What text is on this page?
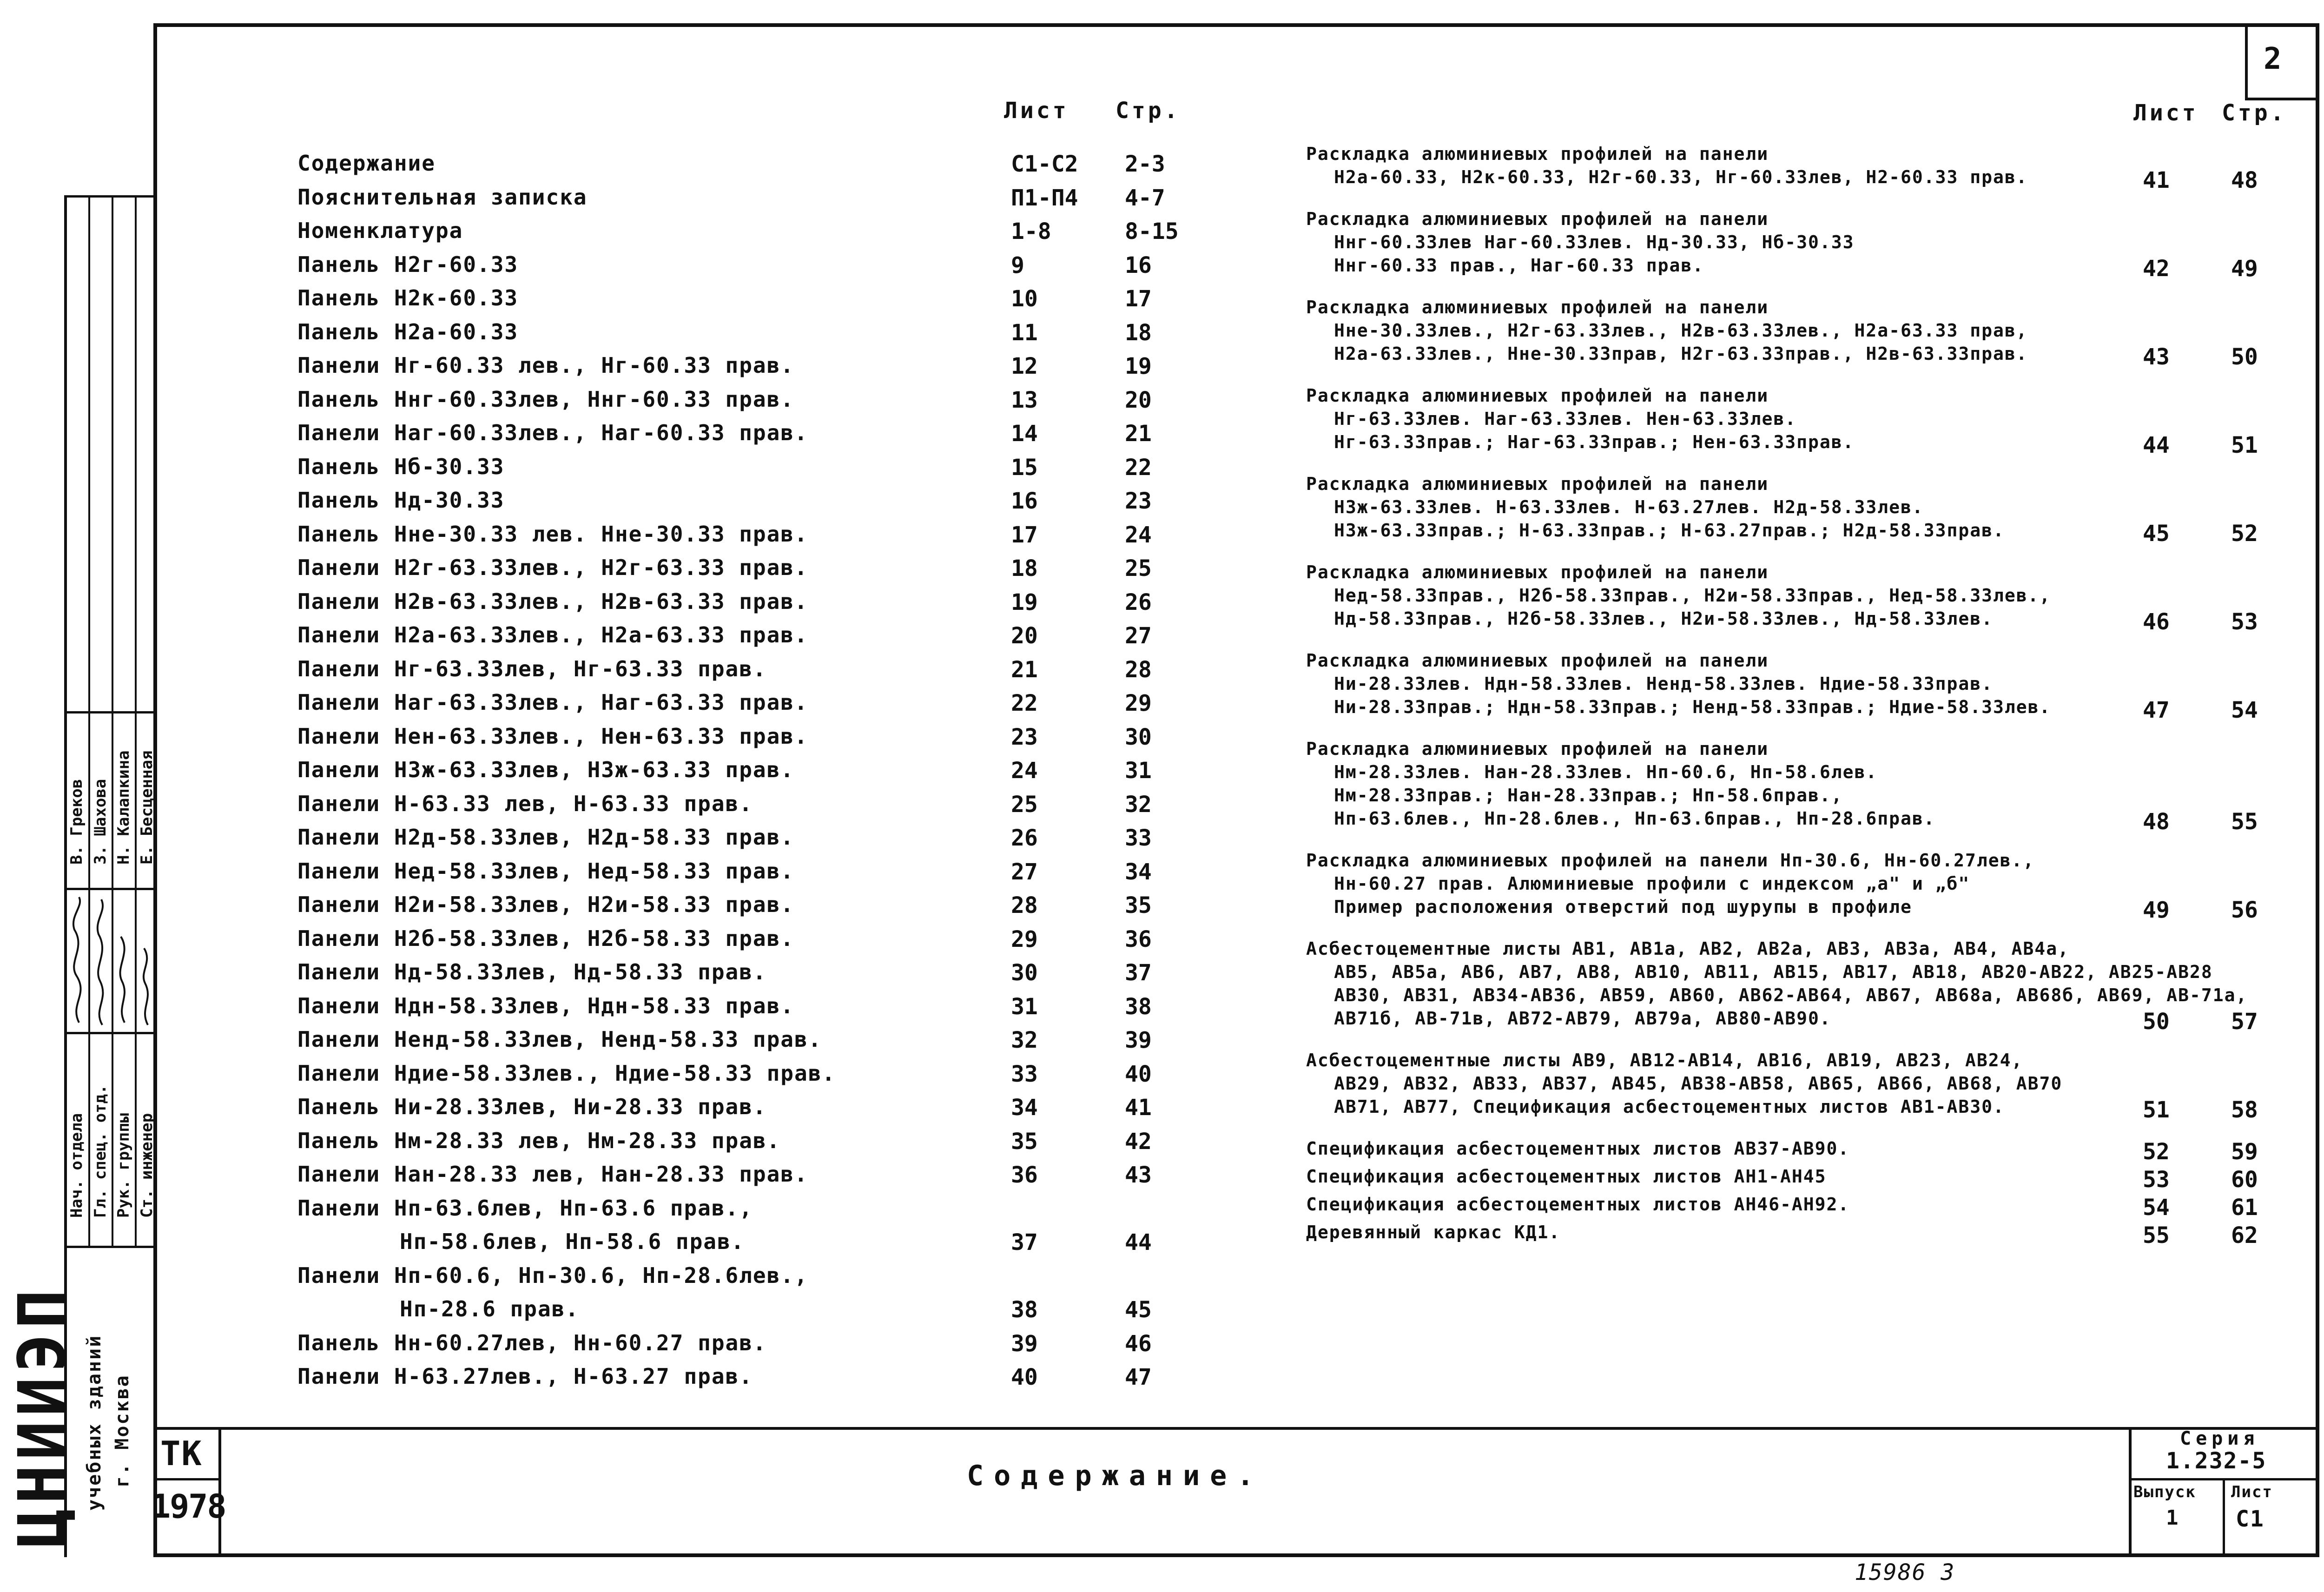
2
Лист Стр.	Лист Стр.
Содержание	С1-С2 2-3
Пояснительная записка	П1-П4 4-7
Номенклатура	1-8	8-15
Панель Н2г-60.33	9	16
Панель Н2к-60.33	10	17
Панель Н2а-60.33	11	18
Панели Нг-60.33 лев., Нг-60.33 прав.	12	19
Панель Ннг-60.33лев, Ннг-60.33 прав.	13	20
Панели Наг-60.33лев., Наг-60.33 прав.	14	21
Панель Нб-30.33	15	22
Панель Нд-30.33	16	23
Панель Нне-30.33 лев. Нне-30.33 прав.	17	24
Панели Н2г-63.33лев., Н2г-63.33 прав.	18	25
Панели Н2в-63.33лев., Н2в-63.33 прав.	19	26
Панели Н2а-63.33лев., Н2а-63.33 прав.	20	27
Панели Нг-63.33лев, Нг-63.33 прав.	21	28
Панели Наг-63.33лев., Наг-63.33 прав.	22	29
Панели Нен-63.33лев., Нен-63.33 прав.	23	30
Панели Н3ж-63.33лев, Н3ж-63.33 прав.	24	31
Панели Н-63.33 лев, Н-63.33 прав.	25	32
Панели Н2д-58.33лев, Н2д-58.33 прав.	26	33
Панели Нед-58.33лев, Нед-58.33 прав.	27	34
Панели Н2и-58.33лев, Н2и-58.33 прав.	28	35
Панели Н2б-58.33лев, Н2б-58.33 прав.	29	36
Панели Нд-58.33лев, Нд-58.33 прав.	30	37
Панели Ндн-58.33лев, Ндн-58.33 прав.	31	38
Панели Ненд-58.33лев, Ненд-58.33 прав.	32	39
Панели Ндие-58.33лев., Ндие-58.33 прав.	33	40
Панель Ни-28.33лев, Ни-28.33 прав.	34	41
Панель Нм-28.33 лев, Нм-28.33 прав.	35	42
Панели Нан-28.33 лев, Нан-28.33 прав.	36	43
Панели Нп-63.6лев, Нп-63.6 прав.,
Нп-58.6лев, Нп-58.6 прав.	37	44
Панели Нп-60.6, Нп-30.6, Нп-28.6лев.,
Нп-28.6 прав.	38	45
Панель Нн-60.27лев, Нн-60.27 прав.	39	46
Панели Н-63.27лев., Н-63.27 прав.	40	47
Раскладка алюминиевых профилей на панели
Н2а-60.33, Н2к-60.33, Н2г-60.33, Нг-60.33лев, Н2-60.33 прав.	41	48
Раскладка алюминиевых профилей на панели
Ннг-60.33лев Наг-60.33лев. Нд-30.33, Нб-30.33
Ннг-60.33 прав., Наг-60.33 прав.	42	49
Раскладка алюминиевых профилей на панели
Нне-30.33лев., Н2г-63.33лев., Н2в-63.33лев., Н2а-63.33 прав,
Н2а-63.33лев., Нне-30.33прав, Н2г-63.33прав., Н2в-63.33прав.	43	50
Раскладка алюминиевых профилей на панели
Нг-63.33лев. Наг-63.33лев. Нен-63.33лев.
Нг-63.33прав.; Наг-63.33прав.; Нен-63.33прав.	44	51
Раскладка алюминиевых профилей на панели
Н3ж-63.33лев. Н-63.33лев. Н-63.27лев. Н2д-58.33лев.
Н3ж-63.33прав.; Н-63.33прав.; Н-63.27прав.; Н2д-58.33прав.	45	52
Раскладка алюминиевых профилей на панели
Нед-58.33прав., Н2б-58.33прав., Н2и-58.33прав., Нед-58.33лев.,
Нд-58.33прав., Н2б-58.33лев., Н2и-58.33лев., Нд-58.33лев.	46	53
Раскладка алюминиевых профилей на панели
Ни-28.33лев. Ндн-58.33лев. Ненд-58.33лев. Ндие-58.33прав.
Ни-28.33прав.; Ндн-58.33прав.; Ненд-58.33прав.; Ндие-58.33лев.	47	54
Раскладка алюминиевых профилей на панели
Нм-28.33лев. Нан-28.33лев. Нп-60.6, Нп-58.6лев.
Нм-28.33прав.; Нан-28.33прав.; Нп-58.6прав.,
Нп-63.6лев., Нп-28.6лев., Нп-63.6прав., Нп-28.6прав.	48	55
Раскладка алюминиевых профилей на панели Нп-30.6, Нн-60.27лев.,
Нн-60.27 прав. Алюминиевые профили с индексом „а" и „б"
Пример расположения отверстий под шурупы в профиле	49	56
Асбестоцементные листы АВ1, АВ1а, АВ2, АВ2а, АВ3, АВ3а, АВ4, АВ4а,
АВ5, АВ5а, АВ6, АВ7, АВ8, АВ10, АВ11, АВ15, АВ17, АВ18, АВ20-АВ22, АВ25-АВ28
АВ30, АВ31, АВ34-АВ36, АВ59, АВ60, АВ62-АВ64, АВ67, АВ68а, АВ68б, АВ69, АВ-71а,
АВ71б, АВ-71в, АВ72-АВ79, АВ79а, АВ80-АВ90.	50	57
Асбестоцементные листы АВ9, АВ12-АВ14, АВ16, АВ19, АВ23, АВ24,
АВ29, АВ32, АВ33, АВ37, АВ45, АВ38-АВ58, АВ65, АВ66, АВ68, АВ70
АВ71, АВ77, Спецификация асбестоцементных листов АВ1-АВ30.	51	58
Спецификация асбестоцементных листов АВ37-АВ90.	52	59
Спецификация асбестоцементных листов АН1-АН45	53	60
Спецификация асбестоцементных листов АН46-АН92.	54	61
Деревянный каркас КД1.	55	62
Нач. отдела Гл. спец. отд. Рук. группы Ст. инженер
В. Греков З. Шахова Н. Калапкина Е. Бесценная
ЦНИИЭП учебных зданий г. Москва ТК
1978
Содержание.
Серия
1.232-5
Выпуск
1
Лист
С1
15986 3
